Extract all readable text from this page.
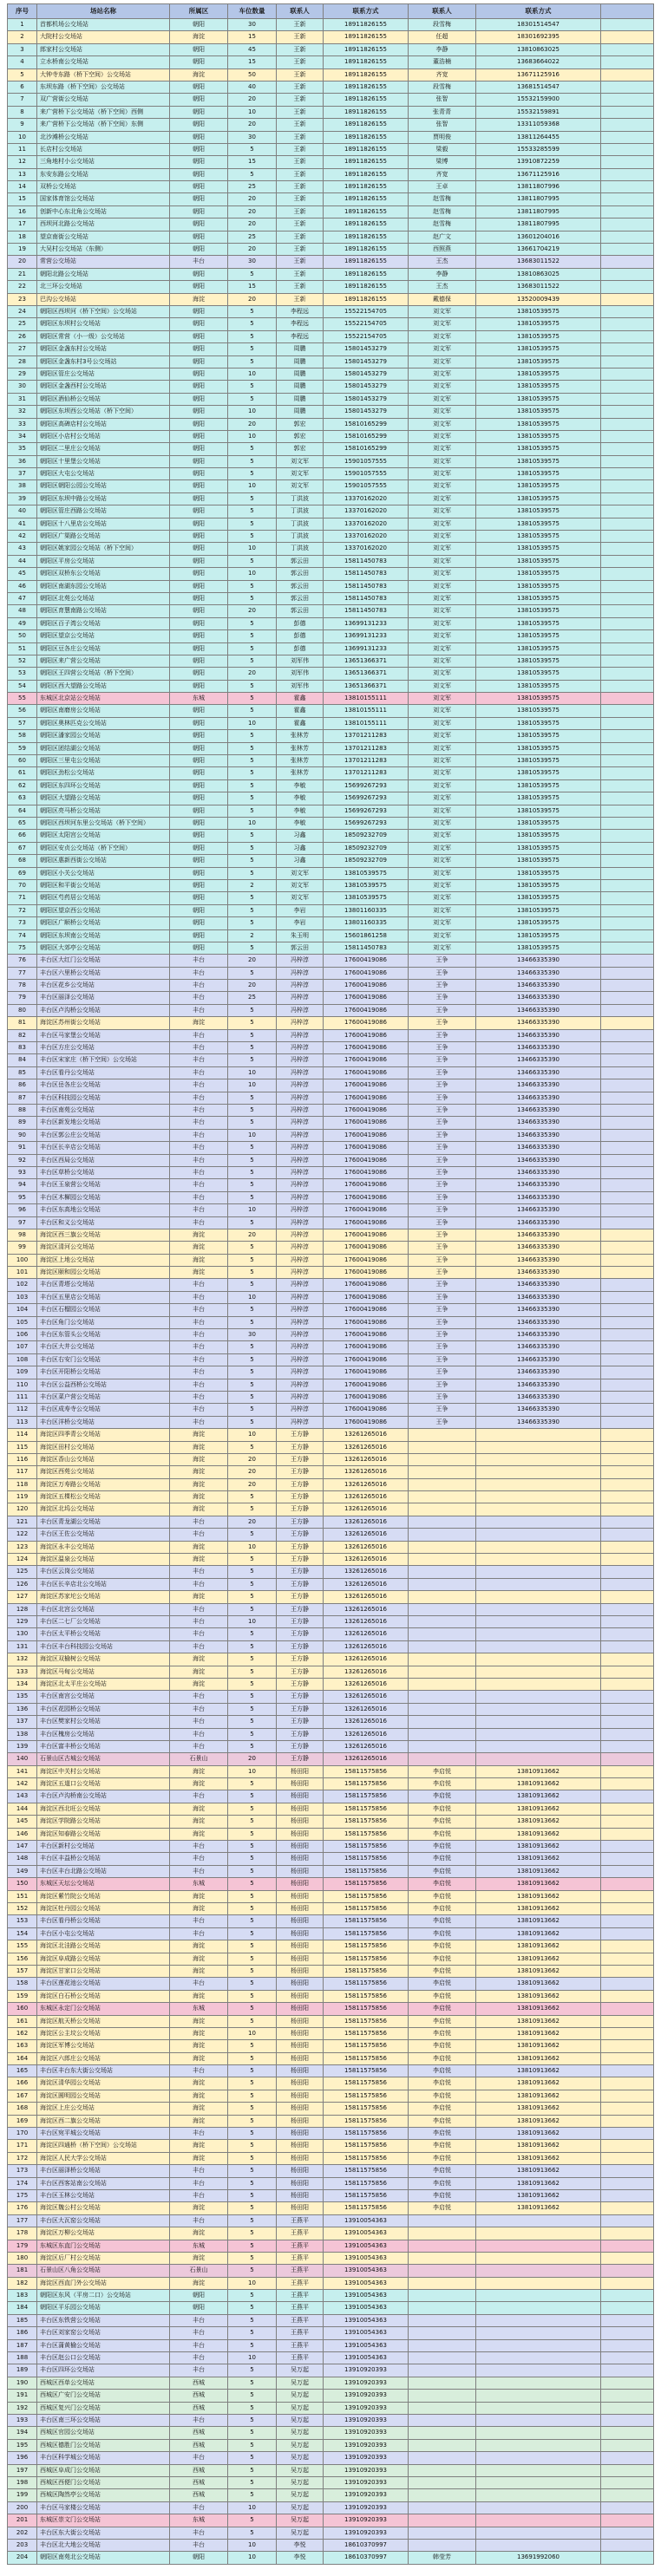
序号	场站名称	所属区	车位数量	联系人	联系方式	联系人	联系方式
1	首都机场公交场站	朝阳	30	王新	18911826155	段雪梅	18301514547
2	大院村公交场站	海淀	15	王新	18911826155	任超	18301692395
3	郎家村公交场站	朝阳	45	王新	18911826155	李静	13810863025
4	立水桥南公交场站	朝阳	15	王新	18911826155	董浩楠	13683664022
5	大钟寺东路（桥下空间）公交场站	海淀	50	王新	18911826155	齐宽	13671125916
6	东坝东路（桥下空间）公交场站	朝阳	40	王新	18911826155	段雪梅	13681514547
7	双广营街公交场站	朝阳	20	王新	18911826155	张智	15532159900
8	来广营桥下公交场站（桥下空间）西侧	朝阳	10	王新	18911826155	张青青	15532159891
9	来广营桥下公交场站（桥下空间）东侧	朝阳	20	王新	18911826155	张智	13311059368
10	北沙滩桥公交场站	朝阳	30	王新	18911826155	贾明俊	13811264455
11	长店村公交场站	朝阳	5	王新	18911826155	梁毅	15533285599
12	三角地村小公交场站	朝阳	15	王新	18911826155	梁博	13910872259
13	东安东路公交场站	朝阳	5	王新	18911826155	齐宽	13671125916
14	双桥公交场站	朝阳	25	王新	18911826155	王卓	13811807996
15	国家体育馆公交场站	朝阳	20	王新	18911826155	赵雪梅	13811807995
16	创新中心东北角公交场站	朝阳	20	王新	18911826155	赵雪梅	13811807995
17	西坝河北路公交场站	朝阳	20	王新	18911826155	赵雪梅	13811807995
18	望京南街公交场站	朝阳	25	王新	18911826155	赵广文	13601204016
19	大吴村公交场站（东侧）	朝阳	20	王新	18911826155	西照燕	13661704219
20	常营公交场站	丰台	30	王新	18911826155	王杰	13683011522
21	朝阳北路公交场站	朝阳	5	王新	18911826155	李静	13810863025
22	北三环公交场站	朝阳	15	王新	18911826155	王杰	13683011522
23	巴沟公交场站	海淀	20	王新	18911826155	戴德保	13520009439
24	朝阳区西坝河（桥下空间）公交场站	朝阳	5	李程远	15522154705	刘文军	13810539575
25	朝阳区东坝村公交场站	朝阳	5	李程远	15522154705	刘文军	13810539575
26	朝阳区常营（小一级）公交场站	朝阳	5	李程远	15522154705	刘文军	13810539575
27	朝阳区金盏东村公交场站	朝阳	5	周鹏	15801453279	刘文军	13810539575
28	朝阳区金盏东村3号公交场站	朝阳	5	周鹏	15801453279	刘文军	13810539575
29	朝阳区管庄公交场站	朝阳	10	周鹏	15801453279	刘文军	13810539575
30	朝阳区金盏西村公交场站	朝阳	5	周鹏	15801453279	刘文军	13810539575
31	朝阳区酒仙桥公交场站	朝阳	5	周鹏	15801453279	刘文军	13810539575
32	朝阳区东坝西公交场站（桥下空间）	朝阳	10	周鹏	15801453279	刘文军	13810539575
33	朝阳区高碑店村公交场站	朝阳	20	郭宏	15810165299	刘文军	13810539575
34	朝阳区小店村公交场站	朝阳	10	郭宏	15810165299	刘文军	13810539575
35	朝阳区二里庄公交场站	朝阳	5	郭宏	15810165299	刘文军	13810539575
36	朝阳区十里堡公交场站	朝阳	5	刘文军	15901057555	刘文军	13810539575
37	朝阳区大屯公交场站	朝阳	5	刘文军	15901057555	刘文军	13810539575
38	朝阳区朝阳公园公交场站	朝阳	10	刘文军	15901057555	刘文军	13810539575
39	朝阳区东坝中路公交场站	朝阳	5	丁洪波	13370162020	刘文军	13810539575
40	朝阳区管庄西路公交场站	朝阳	5	丁洪波	13370162020	刘文军	13810539575
41	朝阳区十八里店公交场站	朝阳	5	丁洪波	13370162020	刘文军	13810539575
42	朝阳区广渠路公交场站	朝阳	5	丁洪波	13370162020	刘文军	13810539575
43	朝阳区姚家园公交场站（桥下空间）	朝阳	10	丁洪波	13370162020	刘文军	13810539575
44	朝阳区平房公交场站	朝阳	5	郭云田	15811450783	刘文军	13810539575
45	朝阳区双桥东公交场站	朝阳	10	郭云田	15811450783	刘文军	13810539575
46	朝阳区南湖东园公交场站	朝阳	5	郭云田	15811450783	刘文军	13810539575
47	朝阳区北苑公交场站	朝阳	5	郭云田	15811450783	刘文军	13810539575
48	朝阳区育慧南路公交场站	朝阳	20	郭云田	15811450783	刘文军	13810539575
49	朝阳区百子湾公交场站	朝阳	5	彭德	13699131233	刘文军	13810539575
50	朝阳区望京公交场站	朝阳	5	彭德	13699131233	刘文军	13810539575
51	朝阳区豆各庄公交场站	朝阳	5	彭德	13699131233	刘文军	13810539575
52	朝阳区来广营公交场站	朝阳	5	刘军伟	13651366371	刘文军	13810539575
53	朝阳区王四营公交场站（桥下空间）	朝阳	20	刘军伟	13651366371	刘文军	13810539575
54	朝阳区西大望路公交场站	朝阳	5	刘军伟	13651366371	刘文军	13810539575
55	东城区北京站公交场站	东城	5	霍鑫	13810155111	刘文军	13810539575
56	朝阳区南磨房公交场站	朝阳	5	霍鑫	13810155111	刘文军	13810539575
57	朝阳区奥林匹克公交场站	朝阳	10	霍鑫	13810155111	刘文军	13810539575
58	朝阳区潘家园公交场站	朝阳	5	张林芳	13701211283	刘文军	13810539575
59	朝阳区团结湖公交场站	朝阳	5	张林芳	13701211283	刘文军	13810539575
60	朝阳区三里屯公交场站	朝阳	5	张林芳	13701211283	刘文军	13810539575
61	朝阳区劲松公交场站	朝阳	5	张林芳	13701211283	刘文军	13810539575
62	朝阳区东四环公交场站	朝阳	5	李敏	15699267293	刘文军	13810539575
63	朝阳区大望路公交场站	朝阳	5	李敏	15699267293	刘文军	13810539575
64	朝阳区亮马桥公交场站	朝阳	5	李敏	15699267293	刘文军	13810539575
65	朝阳区西坝河东里公交场站（桥下空间）	朝阳	10	李敏	15699267293	刘文军	13810539575
66	朝阳区太阳宫公交场站	朝阳	5	习鑫	18509232709	刘文军	13810539575
67	朝阳区安贞公交场站（桥下空间）	朝阳	5	习鑫	18509232709	刘文军	13810539575
68	朝阳区惠新西街公交场站	朝阳	5	习鑫	18509232709	刘文军	13810539575
69	朝阳区小关公交场站	朝阳	5	刘文军	13810539575	刘文军	13810539575
70	朝阳区和平街公交场站	朝阳	2	刘文军	13810539575	刘文军	13810539575
71	朝阳区芍药居公交场站	朝阳	5	刘文军	13810539575	刘文军	13810539575
72	朝阳区望京西公交场站	朝阳	5	李岩	13801160335	刘文军	13810539575
73	朝阳区广顺桥公交场站	朝阳	5	李岩	13801160335	刘文军	13810539575
74	朝阳区东坝南公交场站	朝阳	2	朱玉明	15601861258	刘文军	13810539575
75	朝阳区大郊亭公交场站	朝阳	5	郭云田	15811450783	刘文军	13810539575
76	丰台区大红门公交场站	丰台	20	冯梓淳	17600419086	王争	13466335390
77	丰台区六里桥公交场站	丰台	5	冯梓淳	17600419086	王争	13466335390
78	丰台区花乡公交场站	丰台	20	冯梓淳	17600419086	王争	13466335390
79	丰台区丽泽公交场站	丰台	25	冯梓淳	17600419086	王争	13466335390
80	丰台区卢沟桥公交场站	丰台	5	冯梓淳	17600419086	王争	13466335390
81	海淀区苏州街公交场站	海淀	5	冯梓淳	17600419086	王争	13466335390
82	丰台区马家堡公交场站	丰台	5	冯梓淳	17600419086	王争	13466335390
83	丰台区方庄公交场站	丰台	5	冯梓淳	17600419086	王争	13466335390
84	丰台区宋家庄（桥下空间）公交场站	丰台	5	冯梓淳	17600419086	王争	13466335390
85	丰台区看丹公交场站	丰台	10	冯梓淳	17600419086	王争	13466335390
86	丰台区岳各庄公交场站	丰台	10	冯梓淳	17600419086	王争	13466335390
87	丰台区科技园公交场站	丰台	5	冯梓淳	17600419086	王争	13466335390
88	丰台区南苑公交场站	丰台	5	冯梓淳	17600419086	王争	13466335390
89	丰台区新发地公交场站	丰台	5	冯梓淳	17600419086	王争	13466335390
90	丰台区郭公庄公交场站	丰台	10	冯梓淳	17600419086	王争	13466335390
91	丰台区长辛店公交场站	丰台	5	冯梓淳	17600419086	王争	13466335390
92	丰台区西局公交场站	丰台	5	冯梓淳	17600419086	王争	13466335390
93	丰台区草桥公交场站	丰台	5	冯梓淳	17600419086	王争	13466335390
94	丰台区玉泉营公交场站	丰台	5	冯梓淳	17600419086	王争	13466335390
95	丰台区木樨园公交场站	丰台	5	冯梓淳	17600419086	王争	13466335390
96	丰台区东高地公交场站	丰台	10	冯梓淳	17600419086	王争	13466335390
97	丰台区和义公交场站	丰台	5	冯梓淳	17600419086	王争	13466335390
98	海淀区西三旗公交场站	海淀	20	冯梓淳	17600419086	王争	13466335390
99	海淀区清河公交场站	海淀	5	冯梓淳	17600419086	王争	13466335390
100	海淀区上地公交场站	海淀	5	冯梓淳	17600419086	王争	13466335390
101	海淀区颐和园公交场站	海淀	5	冯梓淳	17600419086	王争	13466335390
102	丰台区青塔公交场站	丰台	5	冯梓淳	17600419086	王争	13466335390
103	丰台区五里店公交场站	丰台	10	冯梓淳	17600419086	王争	13466335390
104	丰台区石榴园公交场站	丰台	5	冯梓淳	17600419086	王争	13466335390
105	丰台区角门公交场站	丰台	5	冯梓淳	17600419086	王争	13466335390
106	丰台区东管头公交场站	丰台	30	冯梓淳	17600419086	王争	13466335390
107	丰台区大井公交场站	丰台	5	冯梓淳	17600419086	王争	13466335390
108	丰台区右安门公交场站	丰台	5	冯梓淳	17600419086	王争	13466335390
109	丰台区开阳桥公交场站	丰台	5	冯梓淳	17600419086	王争	13466335390
110	丰台区公益西桥公交场站	丰台	5	冯梓淳	17600419086	王争	13466335390
111	丰台区菜户营公交场站	丰台	5	冯梓淳	17600419086	王争	13466335390
112	丰台区成寿寺公交场站	丰台	5	冯梓淳	17600419086	王争	13466335390
113	丰台区洋桥公交场站	丰台	5	冯梓淳	17600419086	王争	13466335390
114	海淀区四季青公交场站	海淀	10	王方静	13261265016
115	海淀区田村公交场站	海淀	5	王方静	13261265016
116	海淀区香山公交场站	海淀	20	王方静	13261265016
117	海淀区西苑公交场站	海淀	20	王方静	13261265016
118	海淀区万寿路公交场站	海淀	20	王方静	13261265016
119	海淀区五棵松公交场站	海淀	5	王方静	13261265016
120	海淀区北坞公交场站	海淀	5	王方静	13261265016
121	丰台区青龙湖公交场站	丰台	20	王方静	13261265016
122	丰台区王佐公交场站	丰台	5	王方静	13261265016
123	海淀区永丰公交场站	海淀	10	王方静	13261265016
124	海淀区温泉公交场站	海淀	5	王方静	13261265016
125	丰台区云岗公交场站	丰台	5	王方静	13261265016
126	丰台区长辛店北公交场站	丰台	5	王方静	13261265016
127	海淀区苏家坨公交场站	海淀	5	王方静	13261265016
128	丰台区北宫公交场站	丰台	5	王方静	13261265016
129	丰台区二七厂公交场站	丰台	10	王方静	13261265016
130	丰台区太平桥公交场站	丰台	5	王方静	13261265016
131	丰台区丰台科技园公交场站	丰台	5	王方静	13261265016
132	海淀区双榆树公交场站	海淀	5	王方静	13261265016
133	海淀区马甸公交场站	海淀	5	王方静	13261265016
134	海淀区北太平庄公交场站	海淀	5	王方静	13261265016
135	丰台区南宫公交场站	丰台	5	王方静	13261265016
136	丰台区花园桥公交场站	丰台	5	王方静	13261265016
137	丰台区樊家村公交场站	丰台	5	王方静	13261265016
138	丰台区槐房公交场站	丰台	5	王方静	13261265016
139	丰台区富丰桥公交场站	丰台	5	王方静	13261265016
140	石景山区古城公交场站	石景山	20	王方静	13261265016
141	海淀区中关村公交场站	海淀	10	杨田阳	15811575856	李启悦	13810913662
142	海淀区五道口公交场站	海淀	5	杨田阳	15811575856	李启悦	13810913662
143	丰台区卢沟桥南公交场站	丰台	5	杨田阳	15811575856	李启悦	13810913662
144	海淀区西北旺公交场站	海淀	5	杨田阳	15811575856	李启悦	13810913662
145	海淀区学院路公交场站	海淀	5	杨田阳	15811575856	李启悦	13810913662
146	海淀区知春路公交场站	海淀	5	杨田阳	15811575856	李启悦	13810913662
147	丰台区新村公交场站	丰台	5	杨田阳	15811575856	李启悦	13810913662
148	丰台区丰益桥公交场站	丰台	5	杨田阳	15811575856	李启悦	13810913662
149	丰台区丰台北路公交场站	丰台	5	杨田阳	15811575856	李启悦	13810913662
150	东城区天坛公交场站	东城	5	杨田阳	15811575856	李启悦	13810913662
151	海淀区紫竹院公交场站	海淀	5	杨田阳	15811575856	李启悦	13810913662
152	海淀区牡丹园公交场站	海淀	5	杨田阳	15811575856	李启悦	13810913662
153	丰台区看丹桥公交场站	丰台	5	杨田阳	15811575856	李启悦	13810913662
154	丰台区小屯公交场站	丰台	5	杨田阳	15811575856	李启悦	13810913662
155	海淀区北洼路公交场站	海淀	5	杨田阳	15811575856	李启悦	13810913662
156	海淀区阜成路公交场站	海淀	5	杨田阳	15811575856	李启悦	13810913662
157	海淀区甘家口公交场站	海淀	5	杨田阳	15811575856	李启悦	13810913662
158	丰台区莲花池公交场站	丰台	5	杨田阳	15811575856	李启悦	13810913662
159	海淀区白石桥公交场站	海淀	5	杨田阳	15811575856	李启悦	13810913662
160	东城区永定门公交场站	东城	5	杨田阳	15811575856	李启悦	13810913662
161	海淀区航天桥公交场站	海淀	5	杨田阳	15811575856	李启悦	13810913662
162	海淀区公主坟公交场站	海淀	10	杨田阳	15811575856	李启悦	13810913662
163	海淀区军博公交场站	海淀	5	杨田阳	15811575856	李启悦	13810913662
164	海淀区六郎庄公交场站	海淀	5	杨田阳	15811575856	李启悦	13810913662
165	丰台区丰台东大街公交场站	丰台	5	杨田阳	15811575856	李启悦	13810913662
166	海淀区清华园公交场站	海淀	5	杨田阳	15811575856	李启悦	13810913662
167	海淀区圆明园公交场站	海淀	5	杨田阳	15811575856	李启悦	13810913662
168	海淀区上庄公交场站	海淀	5	杨田阳	15811575856	李启悦	13810913662
169	海淀区西二旗公交场站	海淀	5	杨田阳	15811575856	李启悦	13810913662
170	丰台区宛平城公交场站	丰台	5	杨田阳	15811575856	李启悦	13810913662
171	海淀区四通桥（桥下空间）公交场站	海淀	5	杨田阳	15811575856	李启悦	13810913662
172	海淀区人民大学公交场站	海淀	5	杨田阳	15811575856	李启悦	13810913662
173	丰台区丽泽桥公交场站	丰台	5	杨田阳	15811575856	李启悦	13810913662
174	丰台区西客站南公交场站	丰台	5	杨田阳	15811575856	李启悦	13810913662
175	丰台区玉林公交场站	丰台	5	杨田阳	15811575856	李启悦	13810913662
176	海淀区魏公村公交场站	海淀	5	杨田阳	15811575856	李启悦	13810913662
177	丰台区大瓦窑公交场站	丰台	5	王燕平	13910054363
178	海淀区万柳公交场站	海淀	5	王燕平	13910054363
179	东城区东直门公交场站	东城	5	王燕平	13910054363
180	海淀区后厂村公交场站	海淀	5	王燕平	13910054363
181	石景山区八角公交场站	石景山	5	王燕平	13910054363
182	海淀区西直门外公交场站	海淀	10	王燕平	13910054363
183	朝阳区东风（平房二口）公交场站	朝阳	5	王燕平	13910054363
184	朝阳区平乐园公交场站	朝阳	5	王燕平	13910054363
185	丰台区东铁营公交场站	丰台	5	王燕平	13910054363
186	丰台区刘家窑公交场站	丰台	5	王燕平	13910054363
187	丰台区蒲黄榆公交场站	丰台	5	王燕平	13910054363
188	丰台区赵公口公交场站	丰台	10	王燕平	13910054363
189	丰台区四环公交场站	丰台	5	吴万起	13910920393
190	西城区西单公交场站	西城	5	吴万起	13910920393
191	西城区广安门公交场站	西城	5	吴万起	13910920393
192	西城区复兴门公交场站	西城	5	吴万起	13910920393
193	丰台区南三环公交场站	丰台	5	吴万起	13910920393
194	西城区官园公交场站	西城	5	吴万起	13910920393
195	西城区德胜门公交场站	西城	5	吴万起	13910920393
196	丰台区科学城公交场站	丰台	5	吴万起	13910920393
197	西城区阜成门公交场站	西城	5	吴万起	13910920393
198	西城区西便门公交场站	西城	5	吴万起	13910920393
199	西城区陶然亭公交场站	西城	5	吴万起	13910920393
200	丰台区马家楼公交场站	丰台	10	吴万起	13910920393
201	东城区崇文门公交场站	东城	5	吴万起	13910920393
202	丰台区东大街公交场站	丰台	5	吴万起	13910920393
203	丰台区北大地公交场站	丰台	10	李悦	18610370997
204	朝阳区南苑北公交场站	朝阳	10	李悦	18610370997	韩莹芳	13691992060
